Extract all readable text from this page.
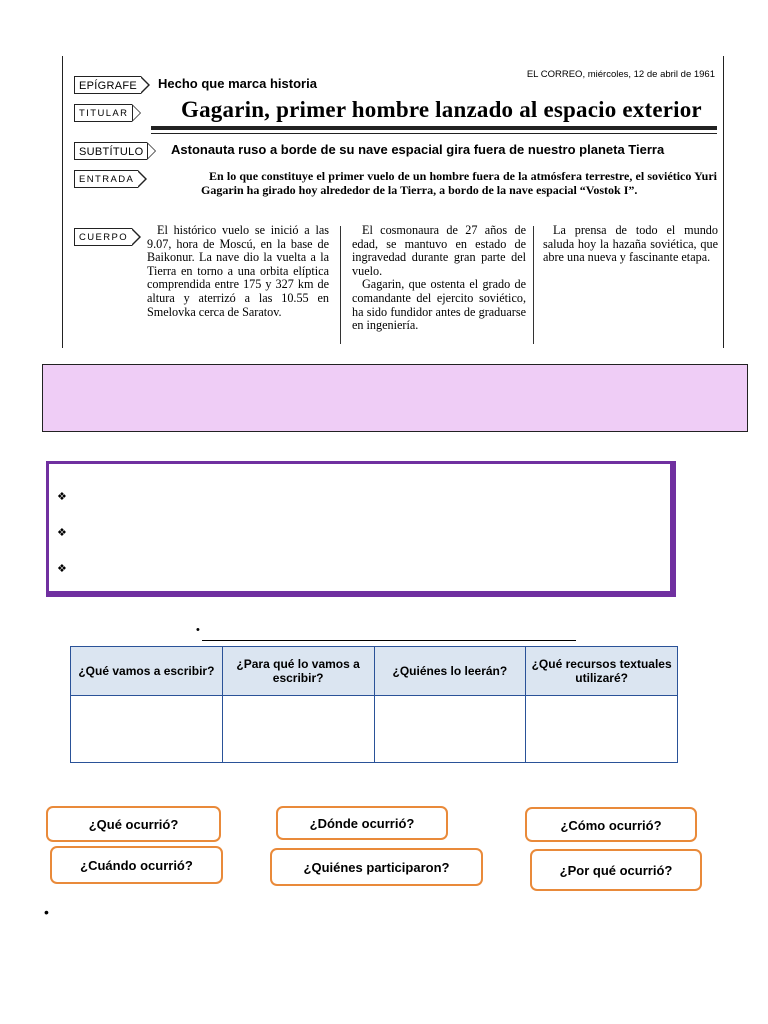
EPÍGRAFE
TITULAR
SUBTÍTULO
ENTRADA
CUERPO
Hecho que marca historia
EL CORREO, miércoles, 12 de abril de 1961
Gagarin, primer hombre lanzado al espacio exterior
Astonauta ruso a borde de su nave espacial gira fuera de nuestro planeta Tierra
En lo que constituye el primer vuelo de un hombre fuera de la atmósfera terrestre, el soviético Yuri Gagarin ha girado hoy alrededor de la Tierra, a bordo de la nave espacial “Vostok I”.

El histórico vuelo se inició a las 9.07, hora de Moscú, en la base de Baikonur. La nave dio la vuelta a la Tierra en torno a una orbita elíptica comprendida entre 175 y 327 km de altura y aterrizó a las 10.55 en Smelovka cerca de Saratov.

El cosmonaura de 27 años de edad, se mantuvo en estado de ingravedad durante gran parte del vuelo.

Gagarin, que ostenta el grado de comandante del ejercito soviético, ha sido fundidor antes de graduarse en ingeniería.

La prensa de todo el mundo saluda hoy la hazaña soviética, que abre una nueva y fascinante etapa.

❖
❖
❖
•
¿Qué vamos a escribir?	¿Para qué lo vamos a escribir?	¿Quiénes lo leerán?	¿Qué recursos textuales utilizaré?

¿Qué ocurrió?	¿Dónde ocurrió?	¿Cómo ocurrió?
¿Cuándo ocurrió?	¿Quiénes participaron?	¿Por qué ocurrió?
•
